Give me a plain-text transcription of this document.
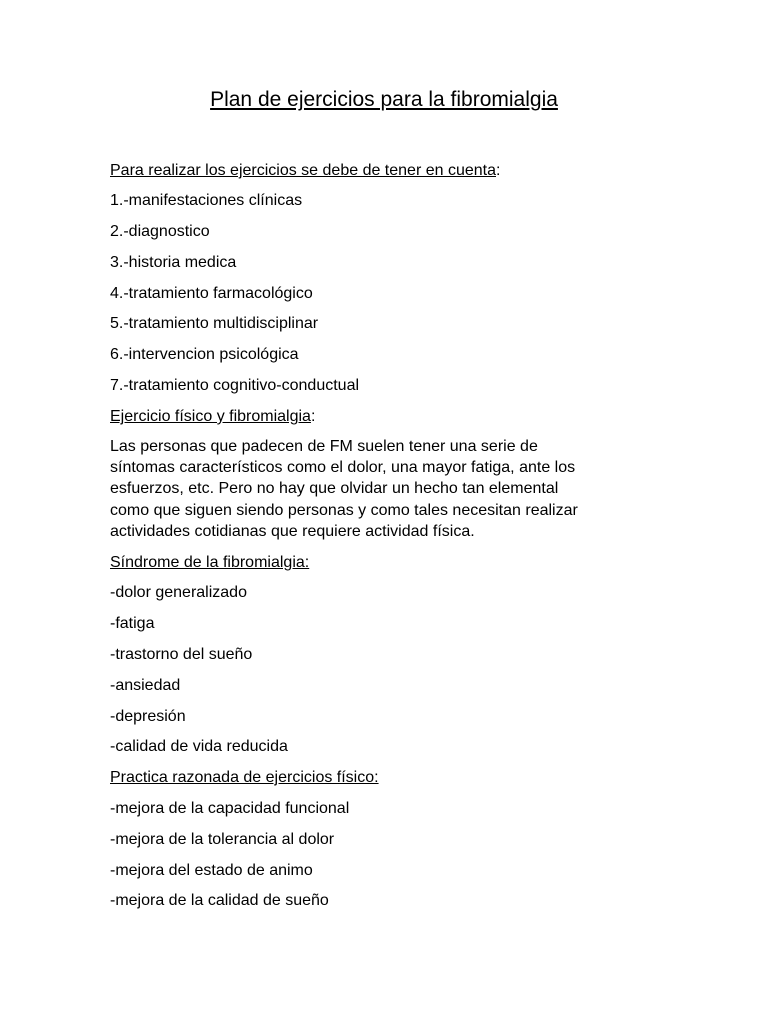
Plan de ejercicios para la fibromialgia
Para realizar los ejercicios se debe de tener en cuenta:
1.-manifestaciones clínicas
2.-diagnostico
3.-historia medica
4.-tratamiento farmacológico
5.-tratamiento multidisciplinar
6.-intervencion psicológica
7.-tratamiento cognitivo-conductual
Ejercicio físico y fibromialgia:
Las personas que padecen de FM suelen tener una serie de
síntomas característicos como el dolor, una mayor fatiga, ante los
esfuerzos, etc. Pero no hay que olvidar un hecho tan elemental
como que siguen siendo personas y como tales necesitan realizar
actividades cotidianas que requiere actividad física.
Síndrome de la fibromialgia:
-dolor generalizado
-fatiga
-trastorno del sueño
-ansiedad
-depresión
-calidad de vida reducida
Practica razonada de ejercicios físico:
-mejora de la capacidad funcional
-mejora de la tolerancia al dolor
-mejora del estado de animo
-mejora de la calidad de sueño
